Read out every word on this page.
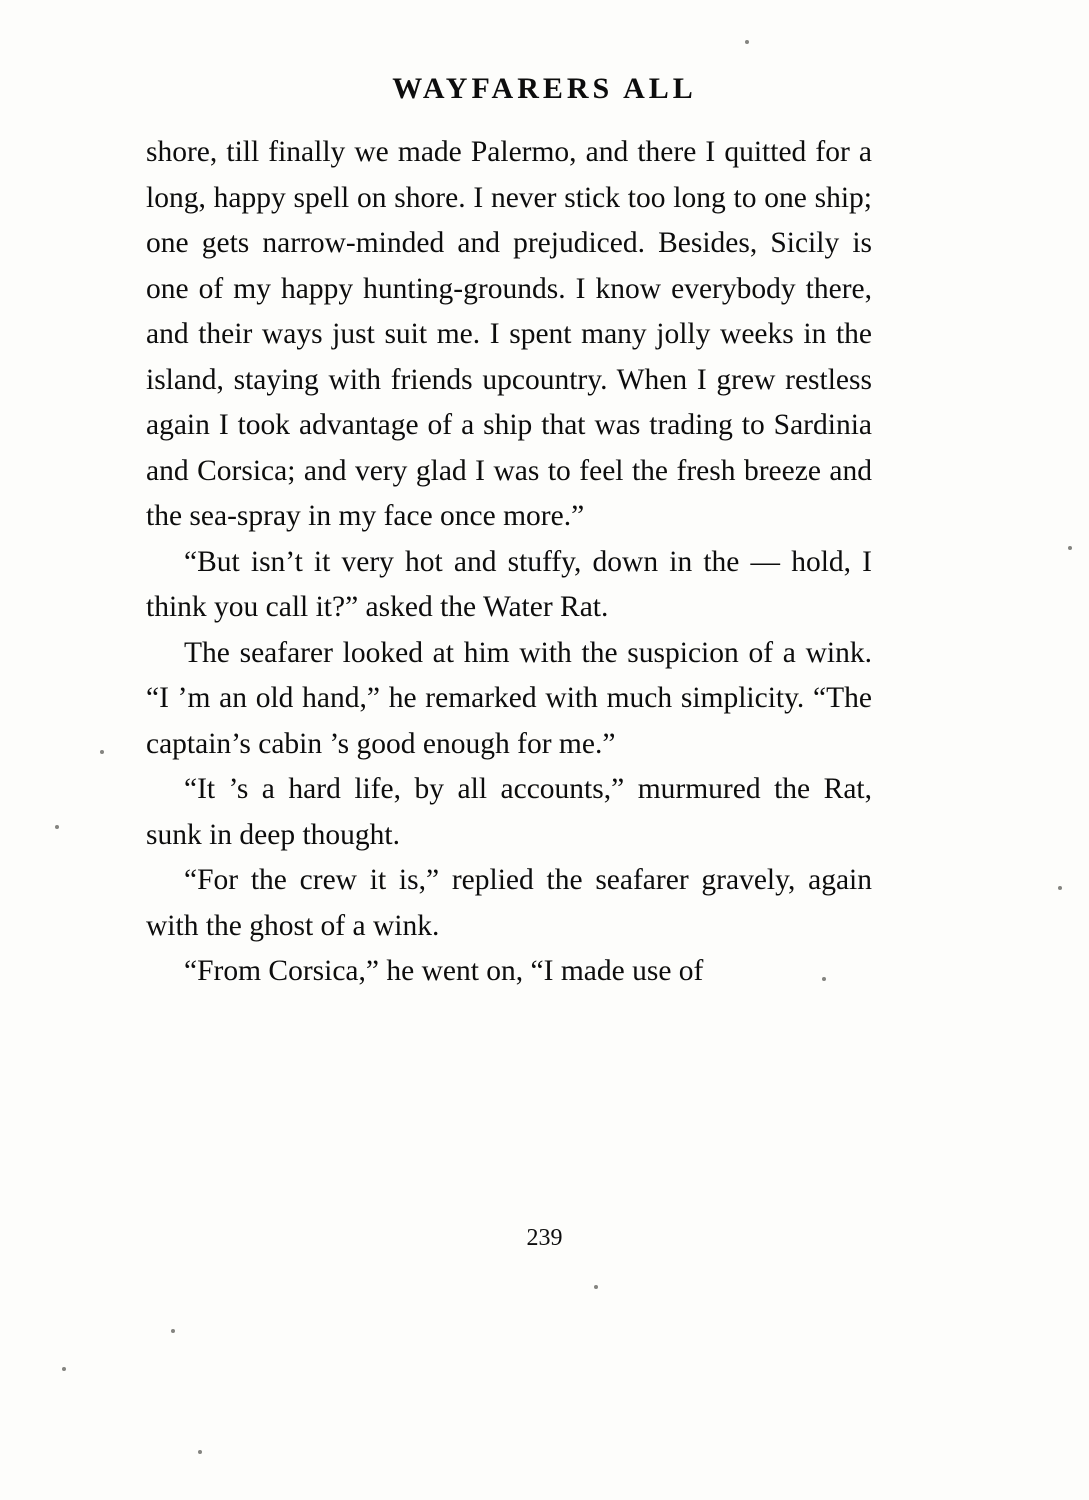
WAYFARERS ALL

shore, till finally we made Palermo, and there I quitted for a long, happy spell on shore. I never stick too long to one ship; one gets narrow-minded and prejudiced. Besides, Sicily is one of my happy hunting-grounds. I know everybody there, and their ways just suit me. I spent many jolly weeks in the island, staying with friends upcountry. When I grew restless again I took advantage of a ship that was trading to Sardinia and Corsica; and very glad I was to feel the fresh breeze and the sea-spray in my face once more.”

“But isn’t it very hot and stuffy, down in the — hold, I think you call it?” asked the Water Rat.

The seafarer looked at him with the suspicion of a wink. “I ’m an old hand,” he remarked with much simplicity. “The captain’s cabin ’s good enough for me.”

“It ’s a hard life, by all accounts,” murmured the Rat, sunk in deep thought.

“For the crew it is,” replied the seafarer gravely, again with the ghost of a wink.

“From Corsica,” he went on, “I made use of

239
